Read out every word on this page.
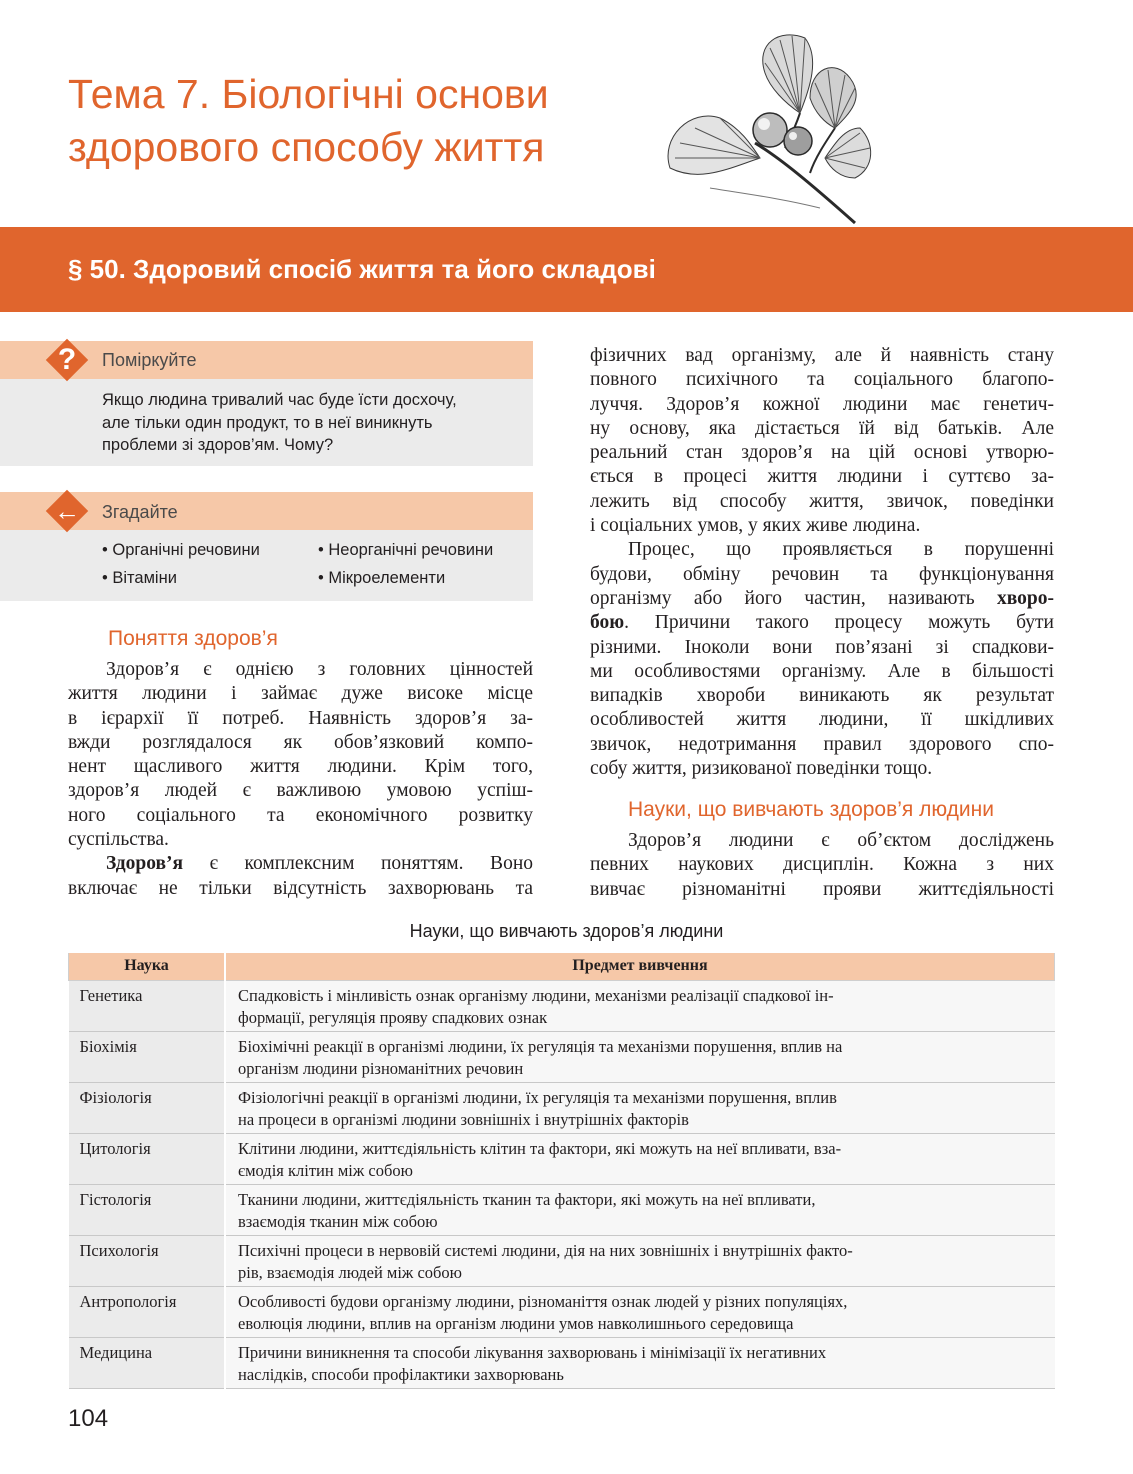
Тема 7. Біологічні основи
здорового способу життя
§ 50. Здоровий спосіб життя та його складові
?	Поміркуйте
Якщо людина тривалий час буде їсти досхочу,
але тільки один продукт, то в неї виникнуть
проблеми зі здоров’ям. Чому?
←	Згадайте
• Органічні речовини	• Неорганічні речовини
• Вітаміни	• Мікроелементи
Поняття здоров’я
Здоров’я є однією з головних цінностей
життя людини і займає дуже високе місце
в ієрархії її потреб. Наявність здоров’я за-
вжди розглядалося як обов’язковий компо-
нент щасливого життя людини. Крім того,
здоров’я людей є важливою умовою успіш-
ного соціального та економічного розвитку
суспільства.
Здоров’я є комплексним поняттям. Воно
включає не тільки відсутність захворювань та
фізичних вад організму, але й наявність стану
повного психічного та соціального благопо-
луччя. Здоров’я кожної людини має генетич-
ну основу, яка дістається їй від батьків. Але
реальний стан здоров’я на цій основі утворю-
ється в процесі життя людини і суттєво за-
лежить від способу життя, звичок, поведінки
і соціальних умов, у яких живе людина.
Процес, що проявляється в порушенні
будови, обміну речовин та функціонування
організму або його частин, називають хворо-
бою. Причини такого процесу можуть бути
різними. Іноколи вони пов’язані зі спадкови-
ми особливостями організму. Але в більшості
випадків хвороби виникають як результат
особливостей життя людини, її шкідливих
звичок, недотримання правил здорового спо-
собу життя, ризикованої поведінки тощо.
Науки, що вивчають здоров’я людини
Здоров’я людини є об’єктом досліджень
певних наукових дисциплін. Кожна з них
вивчає різноманітні прояви життєдіяльності
Науки, що вивчають здоров’я людини
Наука	Предмет вивчення
Генетика	Спадковість і мінливість ознак організму людини, механізми реалізації спадкової ін-
формації, регуляція прояву спадкових ознак

Біохімія	Біохімічні реакції в організмі людини, їх регуляція та механізми порушення, вплив на
організм людини різноманітних речовин

Фізіологія	Фізіологічні реакції в організмі людини, їх регуляція та механізми порушення, вплив
на процеси в організмі людини зовнішніх і внутрішніх факторів

Цитологія	Клітини людини, життєдіяльність клітин та фактори, які можуть на неї впливати, вза-
ємодія клітин між собою

Гістологія	Тканини людини, життєдіяльність тканин та фактори, які можуть на неї впливати,
взаємодія тканин між собою

Психологія	Психічні процеси в нервовій системі людини, дія на них зовнішніх і внутрішніх факто-
рів, взаємодія людей між собою

Антропологія	Особливості будови організму людини, різноманіття ознак людей у різних популяціях,
еволюція людини, вплив на організм людини умов навколишнього середовища

Медицина	Причини виникнення та способи лікування захворювань і мінімізації їх негативних
наслідків, способи профілактики захворювань
104
